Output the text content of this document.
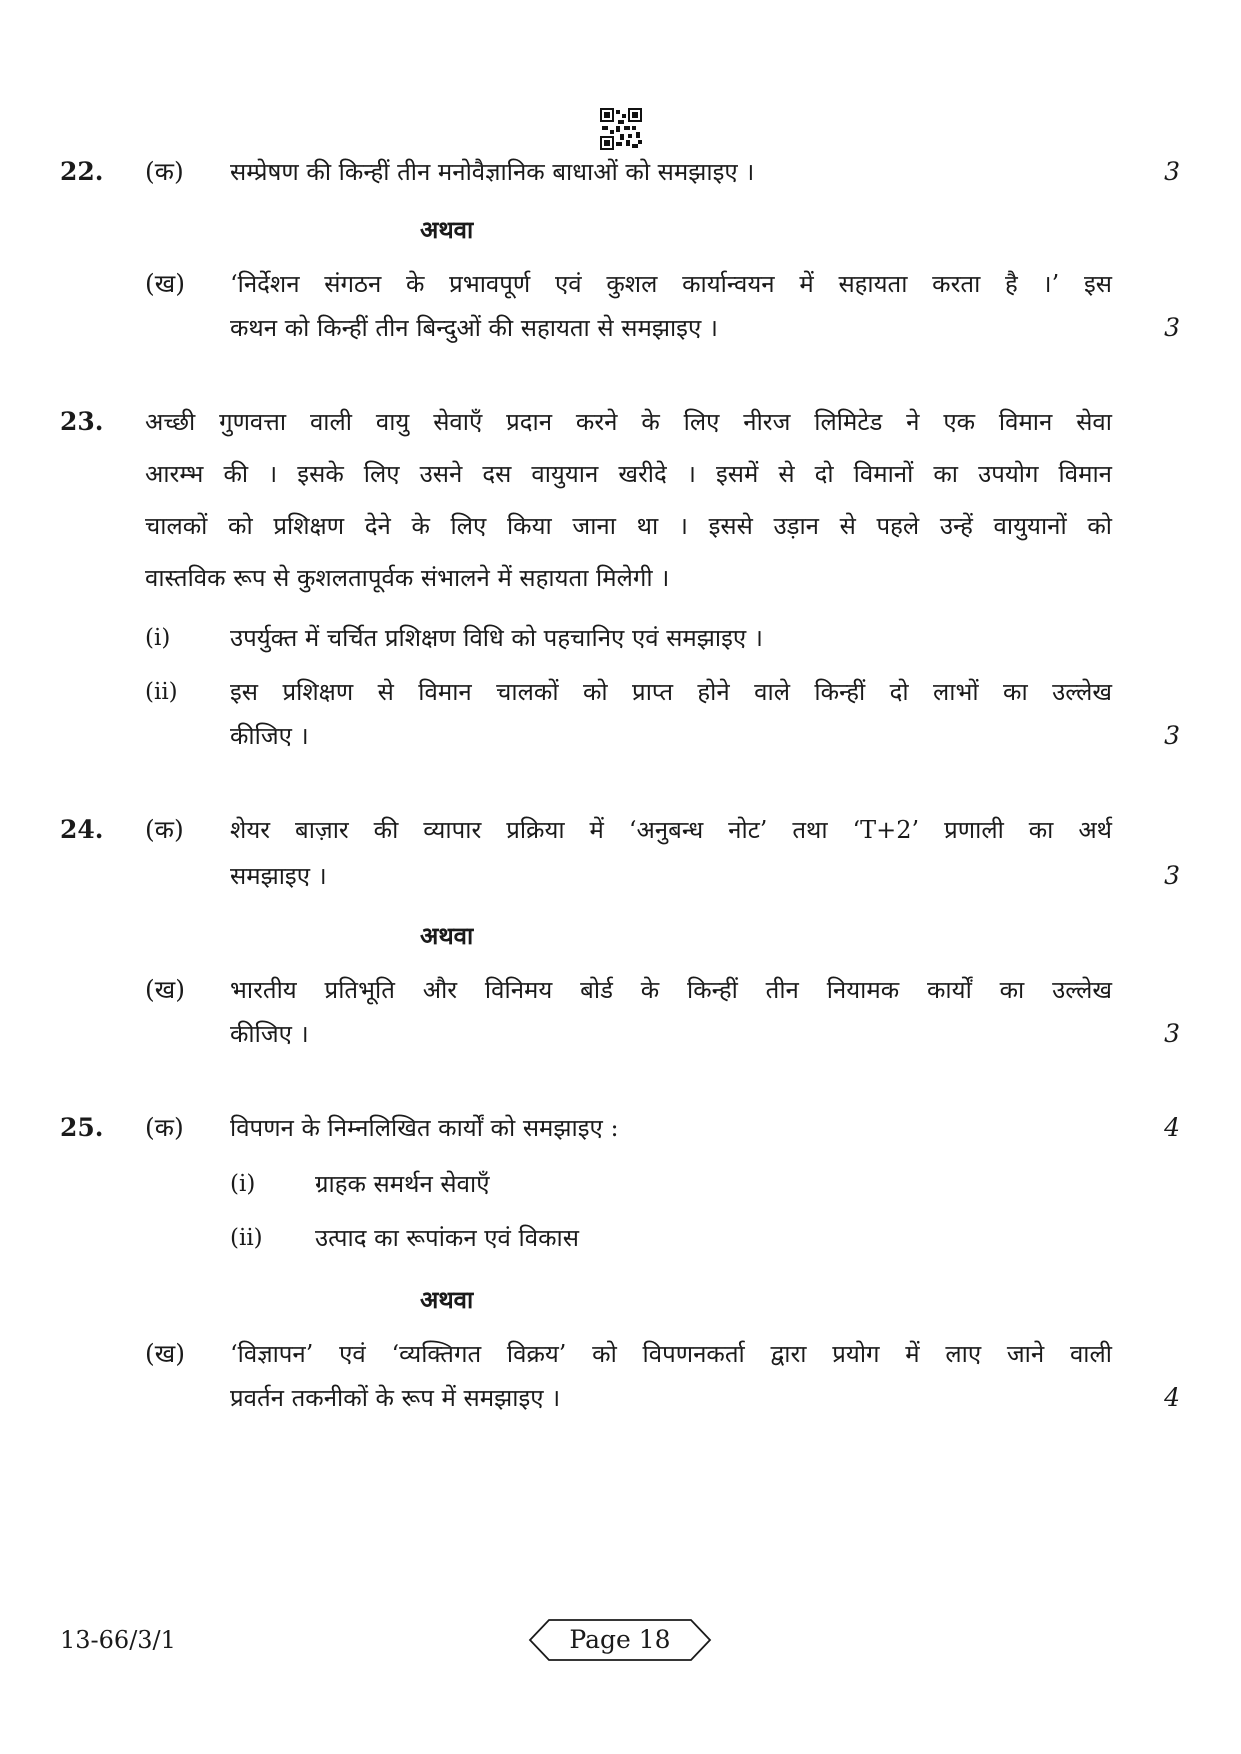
22. (क) सम्प्रेषण की किन्हीं तीन मनोवैज्ञानिक बाधाओं को समझाइए ।	3
अथवा
(ख) ‘निर्देशन संगठन के प्रभावपूर्ण एवं कुशल कार्यान्वयन में सहायता करता है ।’ इस
कथन को किन्हीं तीन बिन्दुओं की सहायता से समझाइए ।	3
23. अच्छी गुणवत्ता वाली वायु सेवाएँ प्रदान करने के लिए नीरज लिमिटेड ने एक विमान सेवा
आरम्भ की । इसके लिए उसने दस वायुयान खरीदे । इसमें से दो विमानों का उपयोग विमान
चालकों को प्रशिक्षण देने के लिए किया जाना था । इससे उड़ान से पहले उन्हें वायुयानों को
वास्तविक रूप से कुशलतापूर्वक संभालने में सहायता मिलेगी ।
(i) उपर्युक्त में चर्चित प्रशिक्षण विधि को पहचानिए एवं समझाइए ।
(ii) इस प्रशिक्षण से विमान चालकों को प्राप्त होने वाले किन्हीं दो लाभों का उल्लेख
कीजिए ।	3
24. (क) शेयर बाज़ार की व्यापार प्रक्रिया में ‘अनुबन्ध नोट’ तथा ‘T+2’ प्रणाली का अर्थ
समझाइए ।	3
अथवा
(ख) भारतीय प्रतिभूति और विनिमय बोर्ड के किन्हीं तीन नियामक कार्यों का उल्लेख
कीजिए ।	3
25. (क) विपणन के निम्नलिखित कार्यों को समझाइए :	4
(i) ग्राहक समर्थन सेवाएँ
(ii) उत्पाद का रूपांकन एवं विकास
अथवा
(ख) ‘विज्ञापन’ एवं ‘व्यक्तिगत विक्रय’ को विपणनकर्ता द्वारा प्रयोग में लाए जाने वाली
प्रवर्तन तकनीकों के रूप में समझाइए ।	4
13-66/3/1	Page 18
